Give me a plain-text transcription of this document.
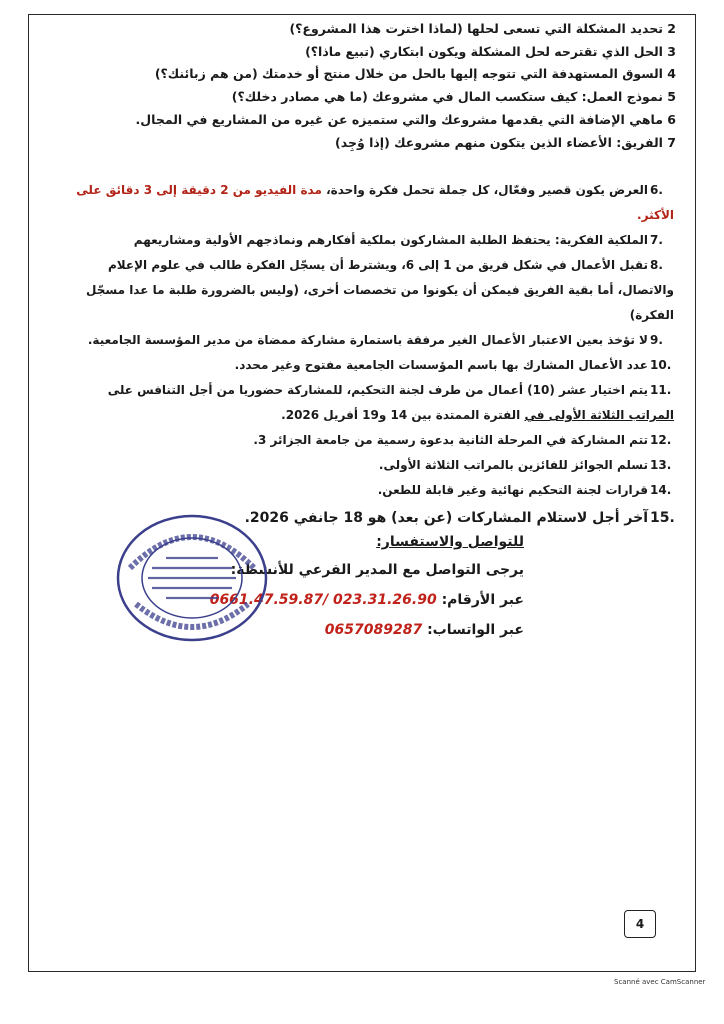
2 تحديد المشكلة التي تسعى لحلها (لماذا اخترت هذا المشروع؟)
3 الحل الذي تقترحه لحل المشكلة ويكون ابتكاري (تبيع ماذا؟)
4 السوق المستهدفة التي تتوجه إليها بالحل من خلال منتج أو خدمتك (من هم زبائنك؟)
5 نموذج العمل: كيف ستكسب المال في مشروعك (ما هي مصادر دخلك؟)
6 ماهي الإضافة التي يقدمها مشروعك والتي ستميزه عن غيره من المشاريع في المجال.
7 الفريق: الأعضاء الذين يتكون منهم مشروعك (إذا وُجِد)
6.العرض يكون قصير وفعّال، كل جملة تحمل فكرة واحدة، مدة الفيديو من 2 دقيقة إلى 3 دقائق على الأكثر.
7.الملكية الفكرية: يحتفظ الطلبة المشاركون بملكية أفكارهم ونماذجهم الأولية ومشاريعهم
8.تقبل الأعمال في شكل فريق من 1 إلى 6، ويشترط أن يسجّل الفكرة طالب في علوم الإعلام والاتصال، أما بقية الفريق فيمكن أن يكونوا من تخصصات أخرى، (وليس بالضرورة طلبة ما عدا مسجّل الفكرة)
9.لا تؤخذ بعين الاعتبار الأعمال الغير مرفقة باستمارة مشاركة ممضاة من مدير المؤسسة الجامعية.
10.عدد الأعمال المشارك بها باسم المؤسسات الجامعية مفتوح وغير محدد.
11.يتم اختيار عشر (10) أعمال من طرف لجنة التحكيم، للمشاركة حضوريا من أجل التنافس على المراتب الثلاثة الأولى في الفترة الممتدة بين 14 و19 أفريل 2026.
12.تتم المشاركة في المرحلة الثانية بدعوة رسمية من جامعة الجزائر 3.
13.تسلم الجوائز للفائزين بالمراتب الثلاثة الأولى.
14.قرارات لجنة التحكيم نهائية وغير قابلة للطعن.
15.آخر أجل لاستلام المشاركات (عن بعد) هو 18 جانفي 2026.
للتواصل والاستفسار:
يرجى التواصل مع المدير الفرعي للأنشطة:
عبر الأرقام: 0661.47.59.87/ 023.31.26.90
عبر الواتساب: 0657089287
4
Scanné avec CamScanner
